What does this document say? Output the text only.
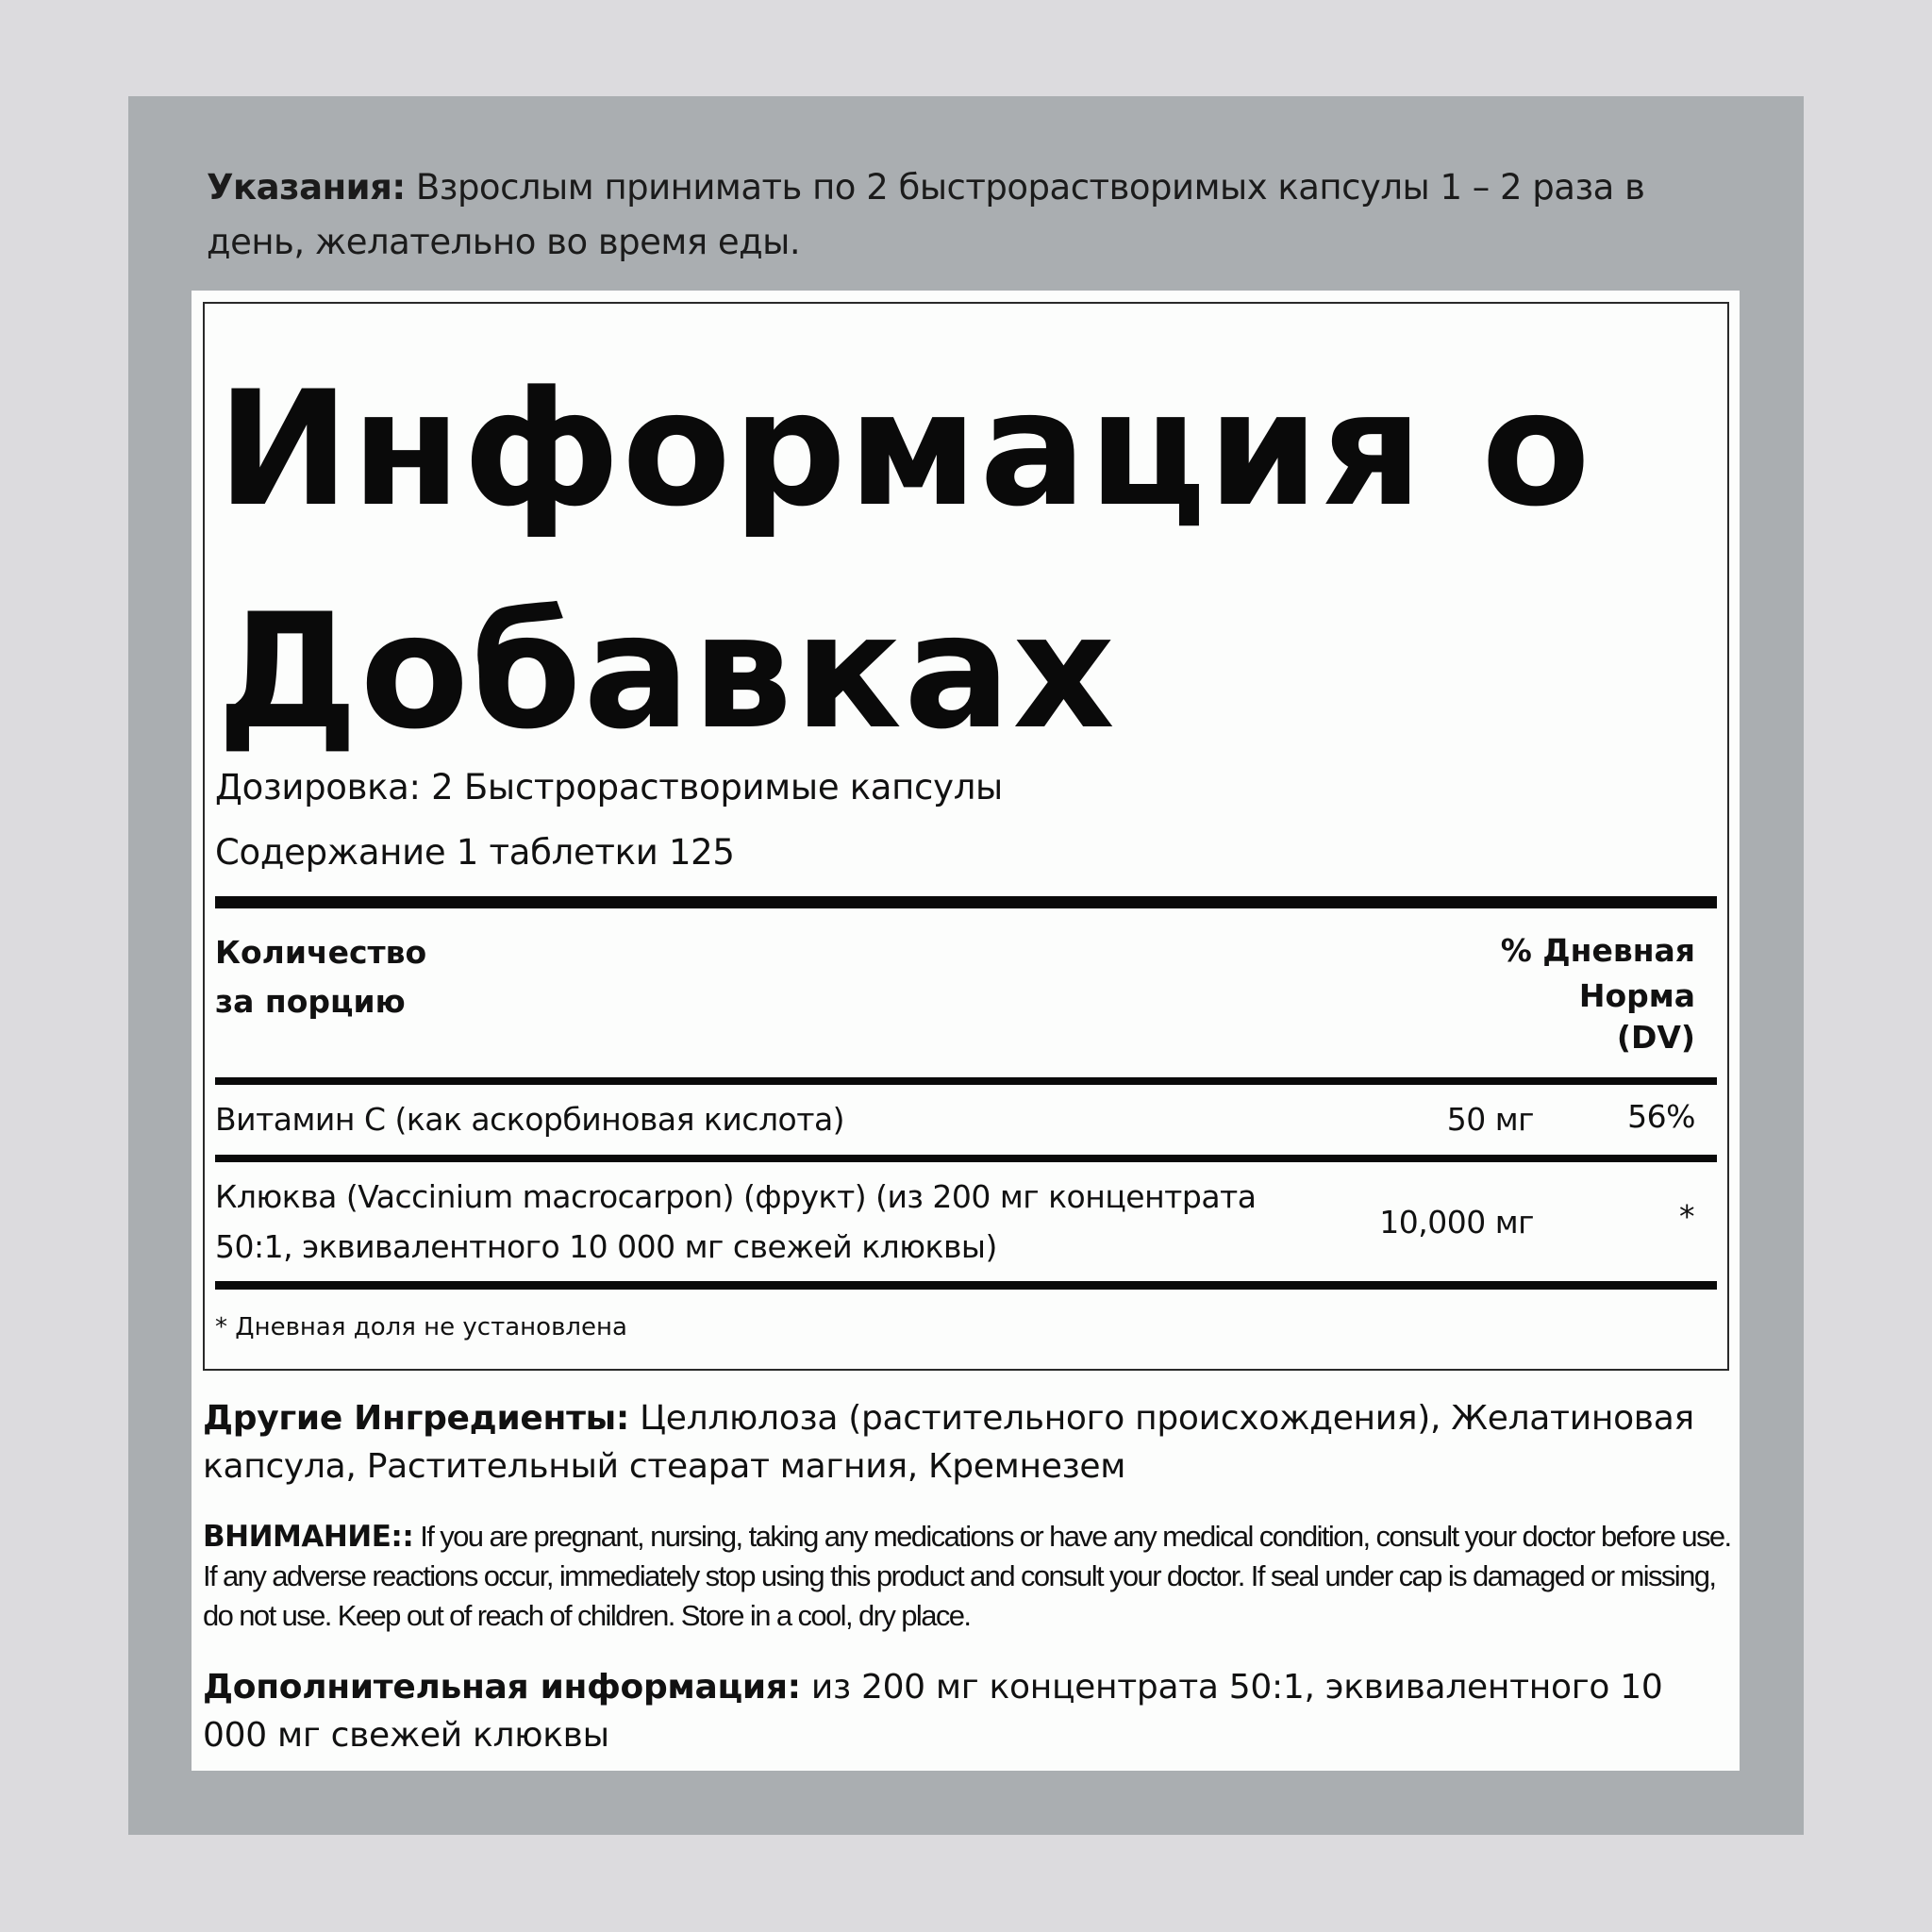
Указания: Взрослым принимать по 2 быстрорастворимых капсулы 1 – 2 раза в день, желательно во время еды.
Информация о
Добавках
Дозировка: 2 Быстрорастворимые капсулы
Содержание 1 таблетки 125
Количество
за порцию
% Дневная
Норма
(DV)
Витамин C (как аскорбиновая кислота)	50 мг	56%
Клюква (Vaccinium macrocarpon) (фрукт) (из 200 мг концентрата
50:1, эквивалентного 10 000 мг свежей клюквы)
10,000 мг	*
* Дневная доля не установлена
Другие Ингредиенты: Целлюлоза (растительного происхождения), Желатиновая капсула, Растительный стеарат магния, Кремнезем
ВНИМАНИЕ:: If you are pregnant, nursing, taking any medications or have any medical condition, consult your doctor before use. If any adverse reactions occur, immediately stop using this product and consult your doctor. If seal under cap is damaged or missing, do not use. Keep out of reach of children. Store in a cool, dry place.
Дополнительная информация: из 200 мг концентрата 50:1, эквивалентного 10 000 мг свежей клюквы
